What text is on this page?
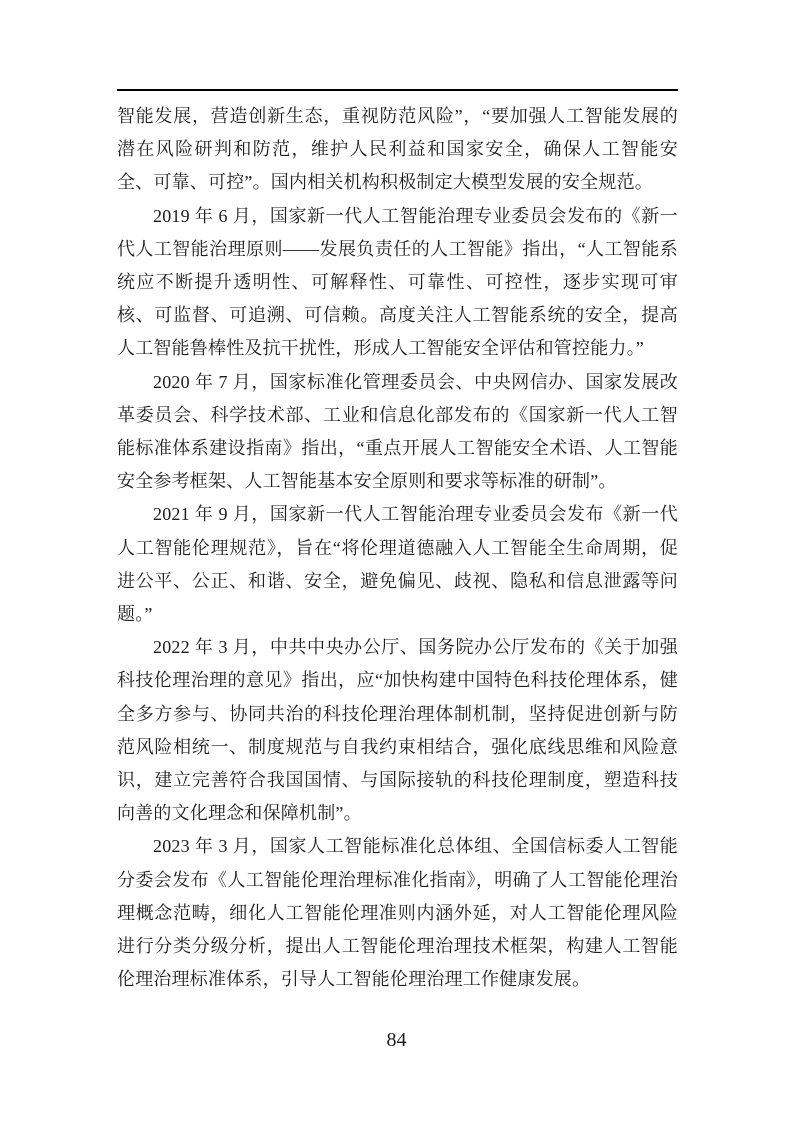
智能发展，营造创新生态，重视防范风险”，“要加强人工智能发展的潜在风险研判和防范，维护人民利益和国家安全，确保人工智能安全、可靠、可控”。国内相关机构积极制定大模型发展的安全规范。

2019 年 6 月，国家新一代人工智能治理专业委员会发布的《新一代人工智能治理原则——发展负责任的人工智能》指出，“人工智能系统应不断提升透明性、可解释性、可靠性、可控性，逐步实现可审核、可监督、可追溯、可信赖。高度关注人工智能系统的安全，提高人工智能鲁棒性及抗干扰性，形成人工智能安全评估和管控能力。”

2020 年 7 月，国家标准化管理委员会、中央网信办、国家发展改革委员会、科学技术部、工业和信息化部发布的《国家新一代人工智能标准体系建设指南》指出，“重点开展人工智能安全术语、人工智能安全参考框架、人工智能基本安全原则和要求等标准的研制”。

2021 年 9 月，国家新一代人工智能治理专业委员会发布《新一代人工智能伦理规范》，旨在“将伦理道德融入人工智能全生命周期，促进公平、公正、和谐、安全，避免偏见、歧视、隐私和信息泄露等问题。”

2022 年 3 月，中共中央办公厅、国务院办公厅发布的《关于加强科技伦理治理的意见》指出，应“加快构建中国特色科技伦理体系，健全多方参与、协同共治的科技伦理治理体制机制，坚持促进创新与防范风险相统一、制度规范与自我约束相结合，强化底线思维和风险意识，建立完善符合我国国情、与国际接轨的科技伦理制度，塑造科技向善的文化理念和保障机制”。

2023 年 3 月，国家人工智能标准化总体组、全国信标委人工智能分委会发布《人工智能伦理治理标准化指南》，明确了人工智能伦理治理概念范畴，细化人工智能伦理准则内涵外延，对人工智能伦理风险进行分类分级分析，提出人工智能伦理治理技术框架，构建人工智能伦理治理标准体系，引导人工智能伦理治理工作健康发展。

84
